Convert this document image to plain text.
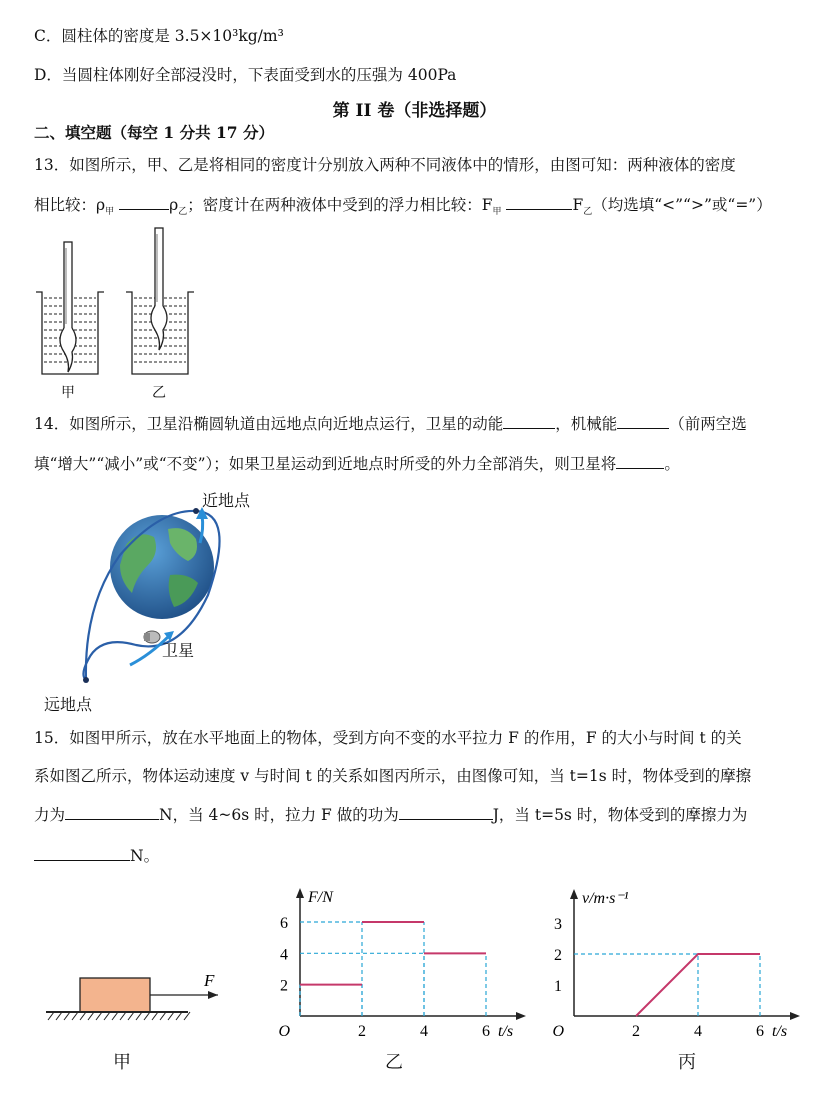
C．圆柱体的密度是 3.5×10³kg/m³
D．当圆柱体刚好全部浸没时，下表面受到水的压强为 400Pa
第 II 卷（非选择题）
二、填空题（每空 1 分共 17 分）
13．如图所示，甲、乙是将相同的密度计分别放入两种不同液体中的情形，由图可知：两种液体的密度
相比较：$\rho_甲$	$\rho_乙$；密度计在两种液体中受到的浮力相比较：$F_甲$	$F_乙$（均选填“<”“>”或“=”）
甲	乙
14．如图所示，卫星沿椭圆轨道由远地点向近地点运行，卫星的动能	，机械能	（前两空选
填“增大”“减小”或“不变”）；如果卫星运动到近地点时所受的外力全部消失，则卫星将	。
近地点
卫星
远地点
15．如图甲所示，放在水平地面上的物体，受到方向不变的水平拉力 F 的作用，F 的大小与时间 t 的关
系如图乙所示，物体运动速度 v 与时间 t 的关系如图丙所示，由图像可知，当 t=1s 时，物体受到的摩擦
力为	N，当 4~6s 时，拉力 F 做的功为	J，当 t=5s 时，物体受到的摩擦力为
N。
F
甲
2	4	6
2
4
6
O	t/s
F/N
乙
2	4	6
1
2
3
O	t/s
v/m·s⁻¹
丙
